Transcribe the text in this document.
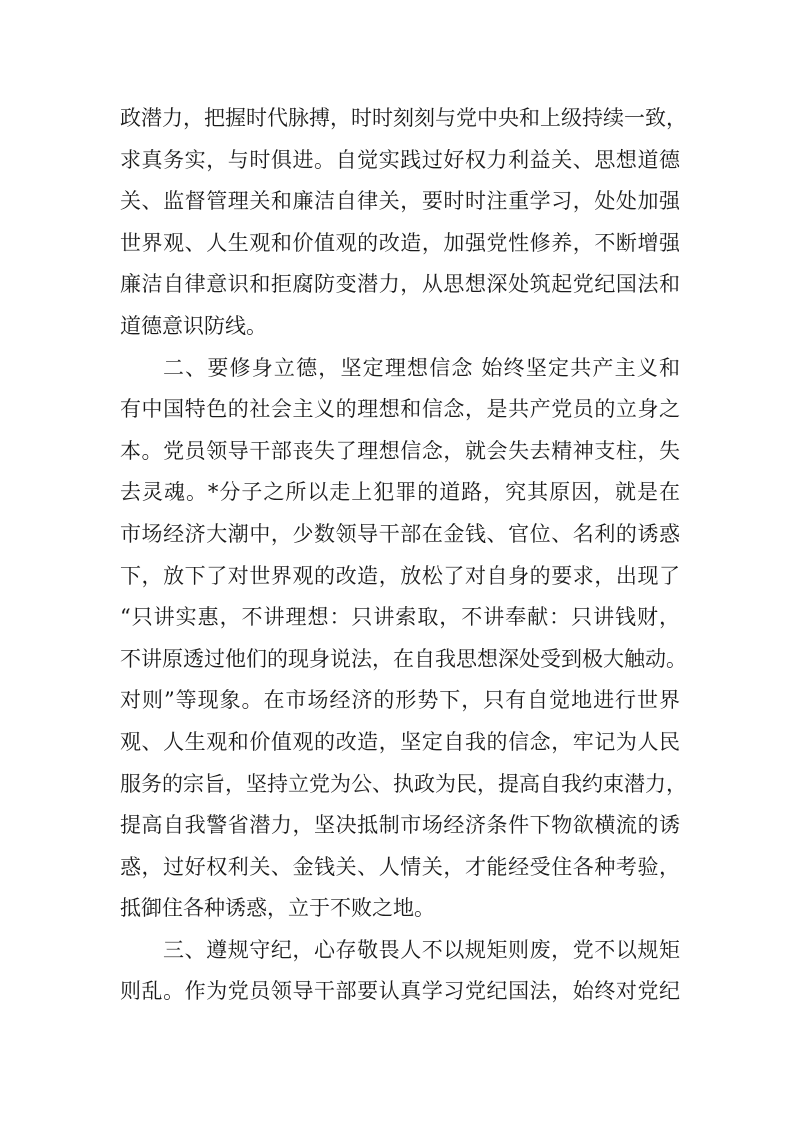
政潜力，把握时代脉搏，时时刻刻与党中央和上级持续一致，
求真务实，与时俱进。自觉实践过好权力利益关、思想道德
关、监督管理关和廉洁自律关，要时时注重学习，处处加强
世界观、人生观和价值观的改造，加强党性修养，不断增强
廉洁自律意识和拒腐防变潜力，从思想深处筑起党纪国法和
道德意识防线。
二、要修身立德，坚定理想信念 始终坚定共产主义和
有中国特色的社会主义的理想和信念，是共产党员的立身之
本。党员领导干部丧失了理想信念，就会失去精神支柱，失
去灵魂。*分子之所以走上犯罪的道路，究其原因，就是在
市场经济大潮中，少数领导干部在金钱、官位、名利的诱惑
下，放下了对世界观的改造，放松了对自身的要求，出现了
“只讲实惠，不讲理想：只讲索取，不讲奉献：只讲钱财，
不讲原透过他们的现身说法，在自我思想深处受到极大触动。
对则”等现象。在市场经济的形势下，只有自觉地进行世界
观、人生观和价值观的改造，坚定自我的信念，牢记为人民
服务的宗旨，坚持立党为公、执政为民，提高自我约束潜力，
提高自我警省潜力，坚决抵制市场经济条件下物欲横流的诱
惑，过好权利关、金钱关、人情关，才能经受住各种考验，
抵御住各种诱惑，立于不败之地。
三、遵规守纪，心存敬畏人不以规矩则废，党不以规矩
则乱。作为党员领导干部要认真学习党纪国法，始终对党纪
